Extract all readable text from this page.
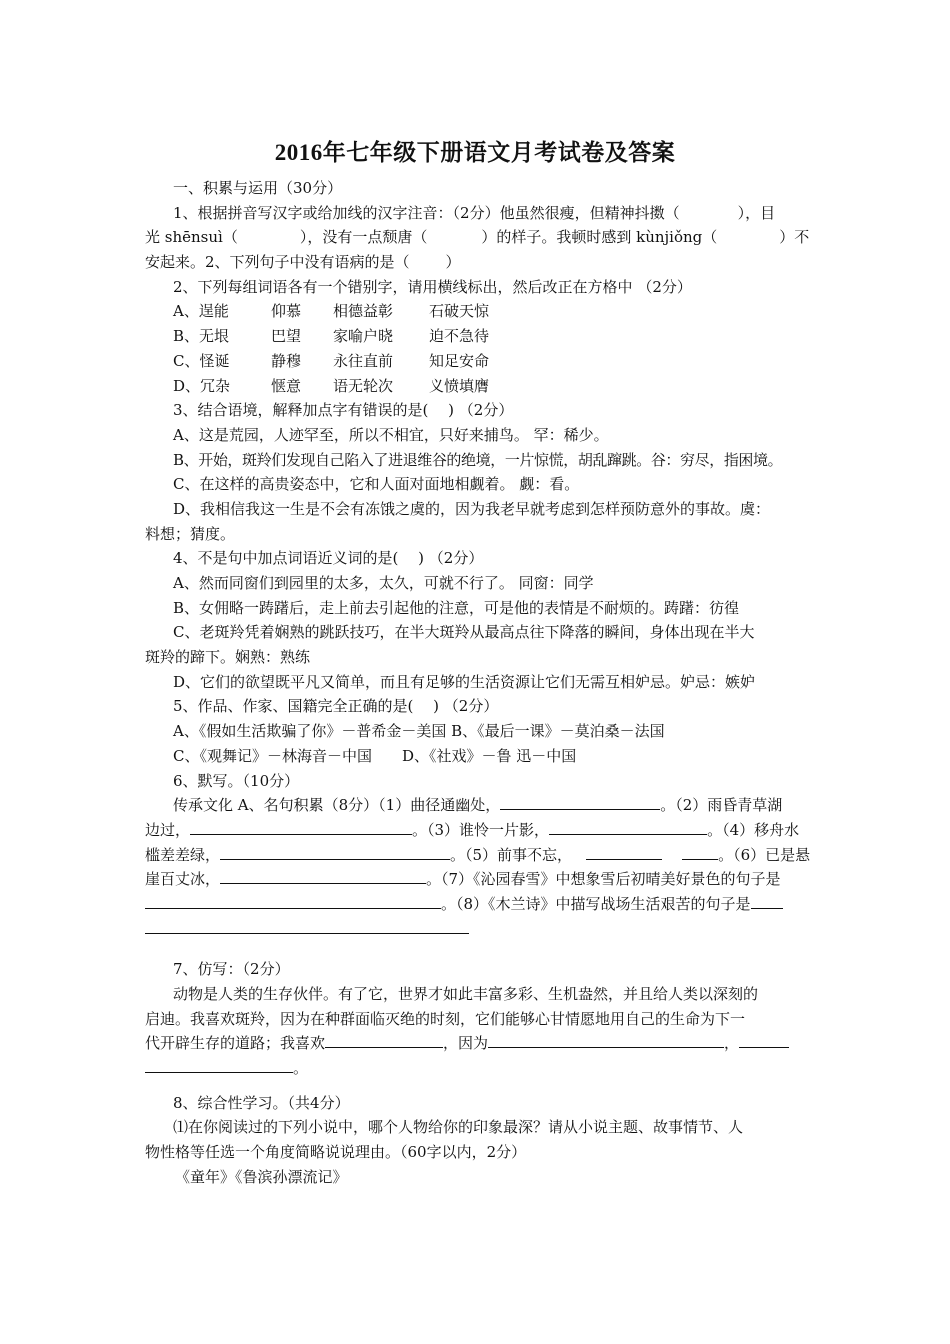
2016年七年级下册语文月考试卷及答案
一、积累与运用（30分）
1、根据拼音写汉字或给加线的汉字注音：（2分）他虽然很瘦，但精神抖擞（	），目
光 shēnsuì（	），没有一点颓唐（	）的样子。我顿时感到 kùnjiǒng（	）不
安起来。2、下列句子中没有语病的是（ ）
2、下列每组词语各有一个错别字，请用横线标出，然后改正在方格中 （2分）
A、逞能	仰慕 相德益彰 石破天惊
B、无垠	巴望 家喻户晓 迫不急待
C、怪诞	静穆 永往直前 知足安命
D、冗杂	惬意 语无轮次 义愤填膺
3、结合语境，解释加点字有错误的是(　 ) （2分）
A、这是荒园，人迹罕至，所以不相宜，只好来捕鸟。 罕：稀少。
B、开始，斑羚们发现自己陷入了进退维谷的绝境，一片惊慌，胡乱蹿跳。谷：穷尽，指困境。
C、在这样的高贵姿态中，它和人面对面地相觑着。 觑：看。
D、我相信我这一生是不会有冻饿之虞的，因为我老早就考虑到怎样预防意外的事故。虞：
料想；猜度。
4、不是句中加点词语近义词的是(　 ) （2分）
A、然而同窗们到园里的太多，太久，可就不行了。 同窗：同学
B、女佣略一踌躇后，走上前去引起他的注意，可是他的表情是不耐烦的。踌躇：彷徨
C、老斑羚凭着娴熟的跳跃技巧，在半大斑羚从最高点往下降落的瞬间，身体出现在半大
斑羚的蹄下。娴熟：熟练
D、它们的欲望既平凡又简单，而且有足够的生活资源让它们无需互相妒忌。妒忌：嫉妒
5、作品、作家、国籍完全正确的是(　 ) （2分）
A、《假如生活欺骗了你》－普希金－美国 B、《最后一课》－莫泊桑－法国
C、《观舞记》－林海音－中国 D、《社戏》－鲁 迅－中国
6、默写。（10分）
传承文化 A、名句积累（8分）（1）曲径通幽处，	。（2）雨昏青草湖
边过，	。（3）谁怜一片影，	。（4）移舟水
槛差差绿，	。（5）前事不忘，	。（6）已是悬
崖百丈冰，	。（7）《沁园春雪》中想象雪后初晴美好景色的句子是
。（8）《木兰诗》中描写战场生活艰苦的句子是
7、仿写：（2分）
动物是人类的生存伙伴。有了它，世界才如此丰富多彩、生机盎然，并且给人类以深刻的
启迪。我喜欢斑羚，因为在种群面临灭绝的时刻，它们能够心甘情愿地用自己的生命为下一
代开辟生存的道路；我喜欢	，因为	，
。
8、综合性学习。（共4分）
⑴在你阅读过的下列小说中，哪个人物给你的印象最深？请从小说主题、故事情节、人
物性格等任选一个角度简略说说理由。（60字以内，2分）
《童年》《鲁滨孙漂流记》
